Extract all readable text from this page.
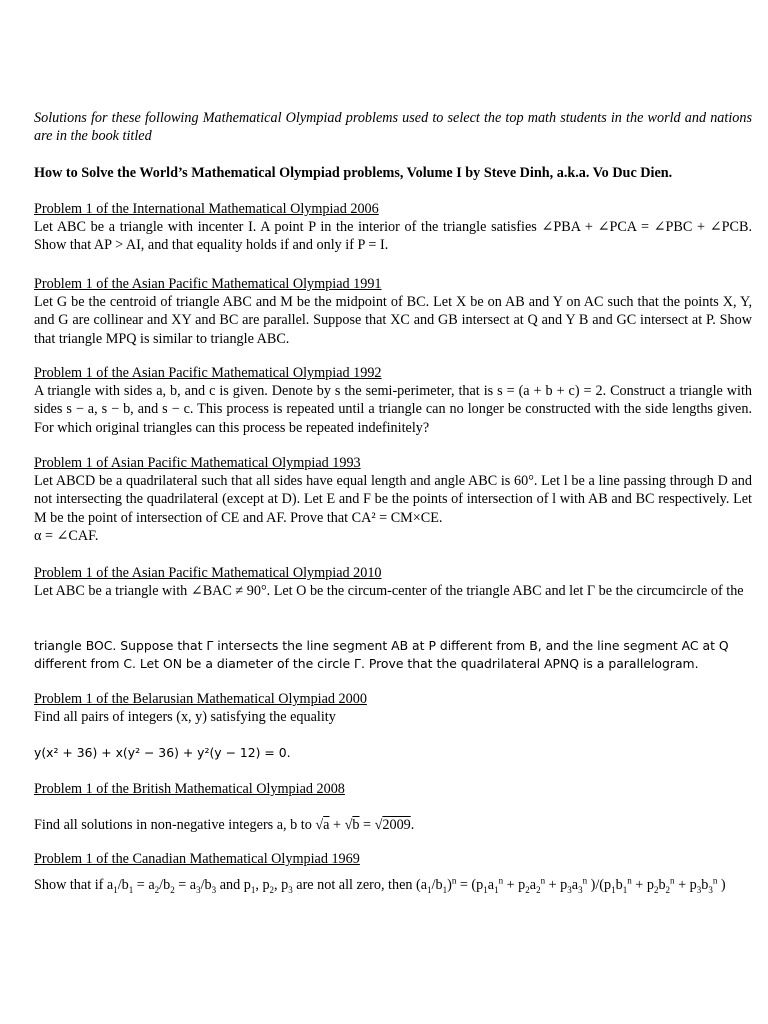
Solutions for these following Mathematical Olympiad problems used to select the top math students in the world and nations are in the book titled
How to Solve the World’s Mathematical Olympiad problems, Volume I by Steve Dinh, a.k.a. Vo Duc Dien.
Problem 1 of the International Mathematical Olympiad 2006
Let ABC be a triangle with incenter I. A point P in the interior of the triangle satisfies ∠PBA + ∠PCA = ∠PBC + ∠PCB. Show that AP > AI, and that equality holds if and only if P = I.
Problem 1 of the Asian Pacific Mathematical Olympiad 1991
Let G be the centroid of triangle ABC and M be the midpoint of BC. Let X be on AB and Y on AC such that the points X, Y, and G are collinear and XY and BC are parallel. Suppose that XC and GB intersect at Q and Y B and GC intersect at P. Show that triangle MPQ is similar to triangle ABC.
Problem 1 of the Asian Pacific Mathematical Olympiad 1992
A triangle with sides a, b, and c is given. Denote by s the semi-perimeter, that is s = (a + b + c) = 2. Construct a triangle with sides s − a, s − b, and s − c. This process is repeated until a triangle can no longer be constructed with the side lengths given. For which original triangles can this process be repeated indefinitely?
Problem 1 of Asian Pacific Mathematical Olympiad 1993
Let ABCD be a quadrilateral such that all sides have equal length and angle ABC is 60°. Let l be a line passing through D and not intersecting the quadrilateral (except at D). Let E and F be the points of intersection of l with AB and BC respectively. Let M be the point of intersection of CE and AF. Prove that CA² = CM×CE.
α = ∠CAF.
Problem 1 of the Asian Pacific Mathematical Olympiad 2010
Let ABC be a triangle with ∠BAC ≠ 90°. Let O be the circum-center of the triangle ABC and let Γ be the circumcircle of the
triangle BOC. Suppose that Γ intersects the line segment AB at P different from B, and the line segment AC at Q different from C. Let ON be a diameter of the circle Γ. Prove that the quadrilateral APNQ is a parallelogram.
Problem 1 of the Belarusian Mathematical Olympiad 2000
Find all pairs of integers (x, y) satisfying the equality
y(x² + 36) + x(y² − 36) + y²(y − 12) = 0.
Problem 1 of the British Mathematical Olympiad 2008
Find all solutions in non-negative integers a, b to √a + √b = √2009.
Problem 1 of the Canadian Mathematical Olympiad 1969
Show that if $a_1/b_1 = a_2/b_2 = a_3/b_3$ and $p_1$, $p_2$, $p_3$ are not all zero, then $(a_1/b_1)^n = (p_1a_1^n + p_2a_2^n + p_3a_3^n$ )$/(p_1b_1^n + p_2b_2^n + p_3b_3^n$ )
